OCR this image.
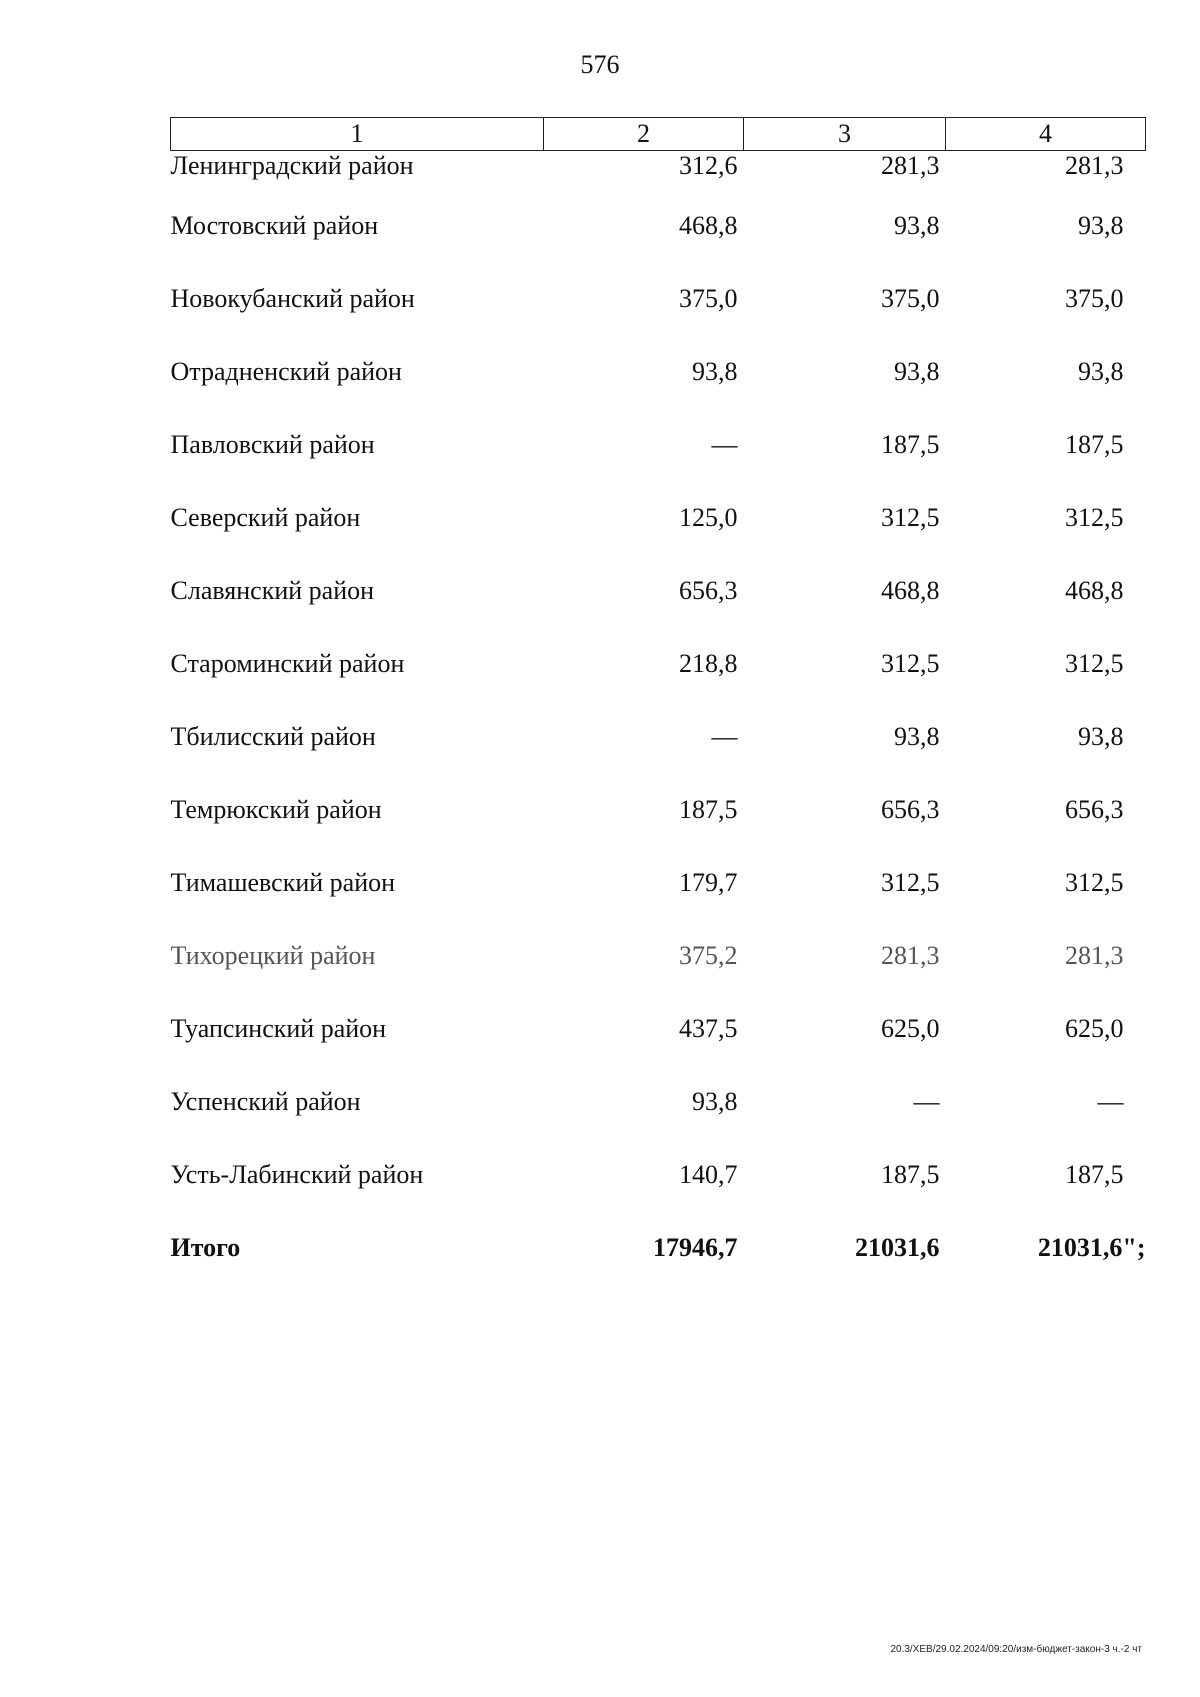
576
1	2	3	4
Ленинградский район	312,6	281,3	281,3
Мостовский район	468,8	93,8	93,8
Новокубанский район	375,0	375,0	375,0
Отрадненский район	93,8	93,8	93,8
Павловский район	—	187,5	187,5
Северский район	125,0	312,5	312,5
Славянский район	656,3	468,8	468,8
Староминский район	218,8	312,5	312,5
Тбилисский район	—	93,8	93,8
Темрюкский район	187,5	656,3	656,3
Тимашевский район	179,7	312,5	312,5
Тихорецкий район	375,2	281,3	281,3
Туапсинский район	437,5	625,0	625,0
Успенский район	93,8	—	—
Усть-Лабинский район	140,7	187,5	187,5
Итого	17946,7	21031,6	21031,6";
20.3/ХЕВ/29.02.2024/09:20/изм-бюджет-закон-3 ч.-2 чт
